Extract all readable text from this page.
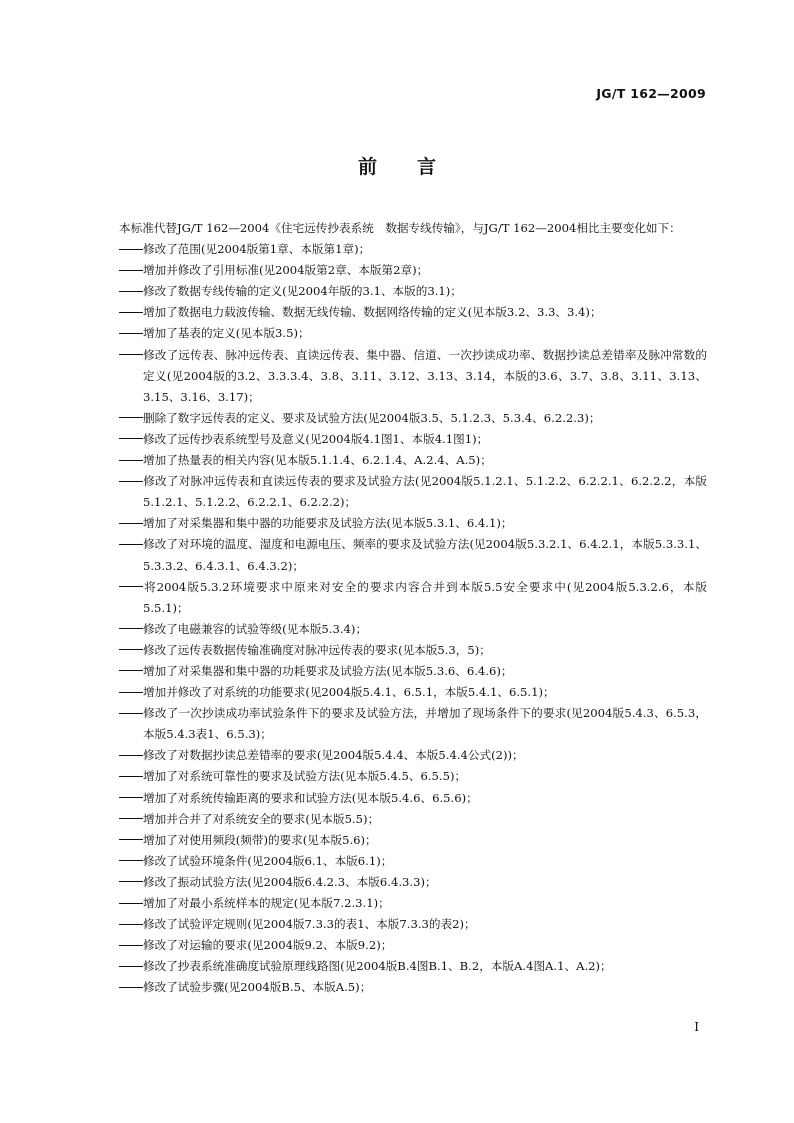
JG/T 162—2009
前言

本标准代替JG/T 162—2004《住宅远传抄表系统　数据专线传输》，与JG/T 162—2004相比主要变化如下：

修改了范围(见2004版第1章、本版第1章)；
增加并修改了引用标准(见2004版第2章、本版第2章)；
修改了数据专线传输的定义(见2004年版的3.1、本版的3.1)；
增加了数据电力载波传输、数据无线传输、数据网络传输的定义(见本版3.2、3.3、3.4)；
增加了基表的定义(见本版3.5)；
修改了远传表、脉冲远传表、直读远传表、集中器、信道、一次抄读成功率、数据抄读总差错率及脉冲常数的定义(见2004版的3.2、3.3.3.4、3.8、3.11、3.12、3.13、3.14，本版的3.6、3.7、3.8、3.11、3.13、3.15、3.16、3.17)；
删除了数字远传表的定义、要求及试验方法(见2004版3.5、5.1.2.3、5.3.4、6.2.2.3)；
修改了远传抄表系统型号及意义(见2004版4.1图1、本版4.1图1)；
增加了热量表的相关内容(见本版5.1.1.4、6.2.1.4、A.2.4、A.5)；
修改了对脉冲远传表和直读远传表的要求及试验方法(见2004版5.1.2.1、5.1.2.2、6.2.2.1、6.2.2.2，本版5.1.2.1、5.1.2.2、6.2.2.1、6.2.2.2)；
增加了对采集器和集中器的功能要求及试验方法(见本版5.3.1、6.4.1)；
修改了对环境的温度、湿度和电源电压、频率的要求及试验方法(见2004版5.3.2.1、6.4.2.1，本版5.3.3.1、5.3.3.2、6.4.3.1、6.4.3.2)；
将2004版5.3.2环境要求中原来对安全的要求内容合并到本版5.5安全要求中(见2004版5.3.2.6，本版5.5.1)；
修改了电磁兼容的试验等级(见本版5.3.4)；
修改了远传表数据传输准确度对脉冲远传表的要求(见本版5.3，5)；
增加了对采集器和集中器的功耗要求及试验方法(见本版5.3.6、6.4.6)；
增加并修改了对系统的功能要求(见2004版5.4.1、6.5.1，本版5.4.1、6.5.1)；
修改了一次抄读成功率试验条件下的要求及试验方法，并增加了现场条件下的要求(见2004版5.4.3、6.5.3，本版5.4.3表1、6.5.3)；
修改了对数据抄读总差错率的要求(见2004版5.4.4、本版5.4.4公式(2))；
增加了对系统可靠性的要求及试验方法(见本版5.4.5、6.5.5)；
增加了对系统传输距离的要求和试验方法(见本版5.4.6、6.5.6)；
增加并合并了对系统安全的要求(见本版5.5)；
增加了对使用频段(频带)的要求(见本版5.6)；
修改了试验环境条件(见2004版6.1、本版6.1)；
修改了振动试验方法(见2004版6.4.2.3、本版6.4.3.3)；
增加了对最小系统样本的规定(见本版7.2.3.1)；
修改了试验评定规则(见2004版7.3.3的表1、本版7.3.3的表2)；
修改了对运输的要求(见2004版9.2、本版9.2)；
修改了抄表系统准确度试验原理线路图(见2004版B.4图B.1、B.2，本版A.4图A.1、A.2)；
修改了试验步骤(见2004版B.5、本版A.5)；
I
